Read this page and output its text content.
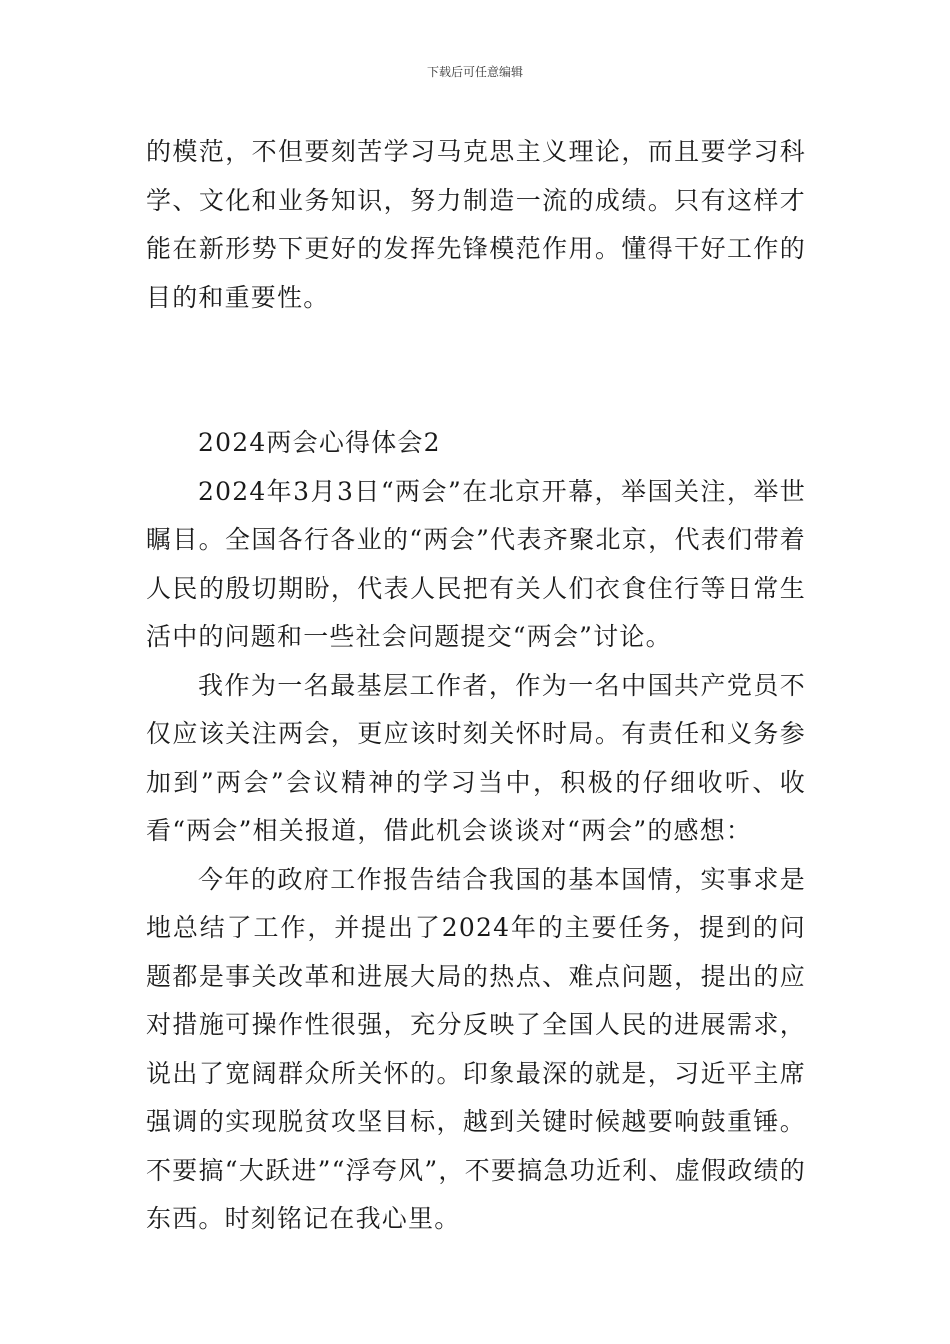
下载后可任意编辑

的模范，不但要刻苦学习马克思主义理论，而且要学习科学、文化和业务知识，努力制造一流的成绩。只有这样才能在新形势下更好的发挥先锋模范作用。懂得干好工作的目的和重要性。

2024两会心得体会2

2024年3月3日“两会”在北京开幕，举国关注，举世瞩目。全国各行各业的“两会”代表齐聚北京，代表们带着人民的殷切期盼，代表人民把有关人们衣食住行等日常生活中的问题和一些社会问题提交“两会”讨论。

我作为一名最基层工作者，作为一名中国共产党员不仅应该关注两会，更应该时刻关怀时局。有责任和义务参加到”两会”会议精神的学习当中，积极的仔细收听、收看“两会”相关报道，借此机会谈谈对“两会”的感想：

今年的政府工作报告结合我国的基本国情，实事求是地总结了工作，并提出了2024年的主要任务，提到的问题都是事关改革和进展大局的热点、难点问题，提出的应对措施可操作性很强，充分反映了全国人民的进展需求，说出了宽阔群众所关怀的。印象最深的就是，习近平主席强调的实现脱贫攻坚目标，越到关键时候越要响鼓重锤。不要搞“大跃进”“浮夸风”，不要搞急功近利、虚假政绩的东西。时刻铭记在我心里。
